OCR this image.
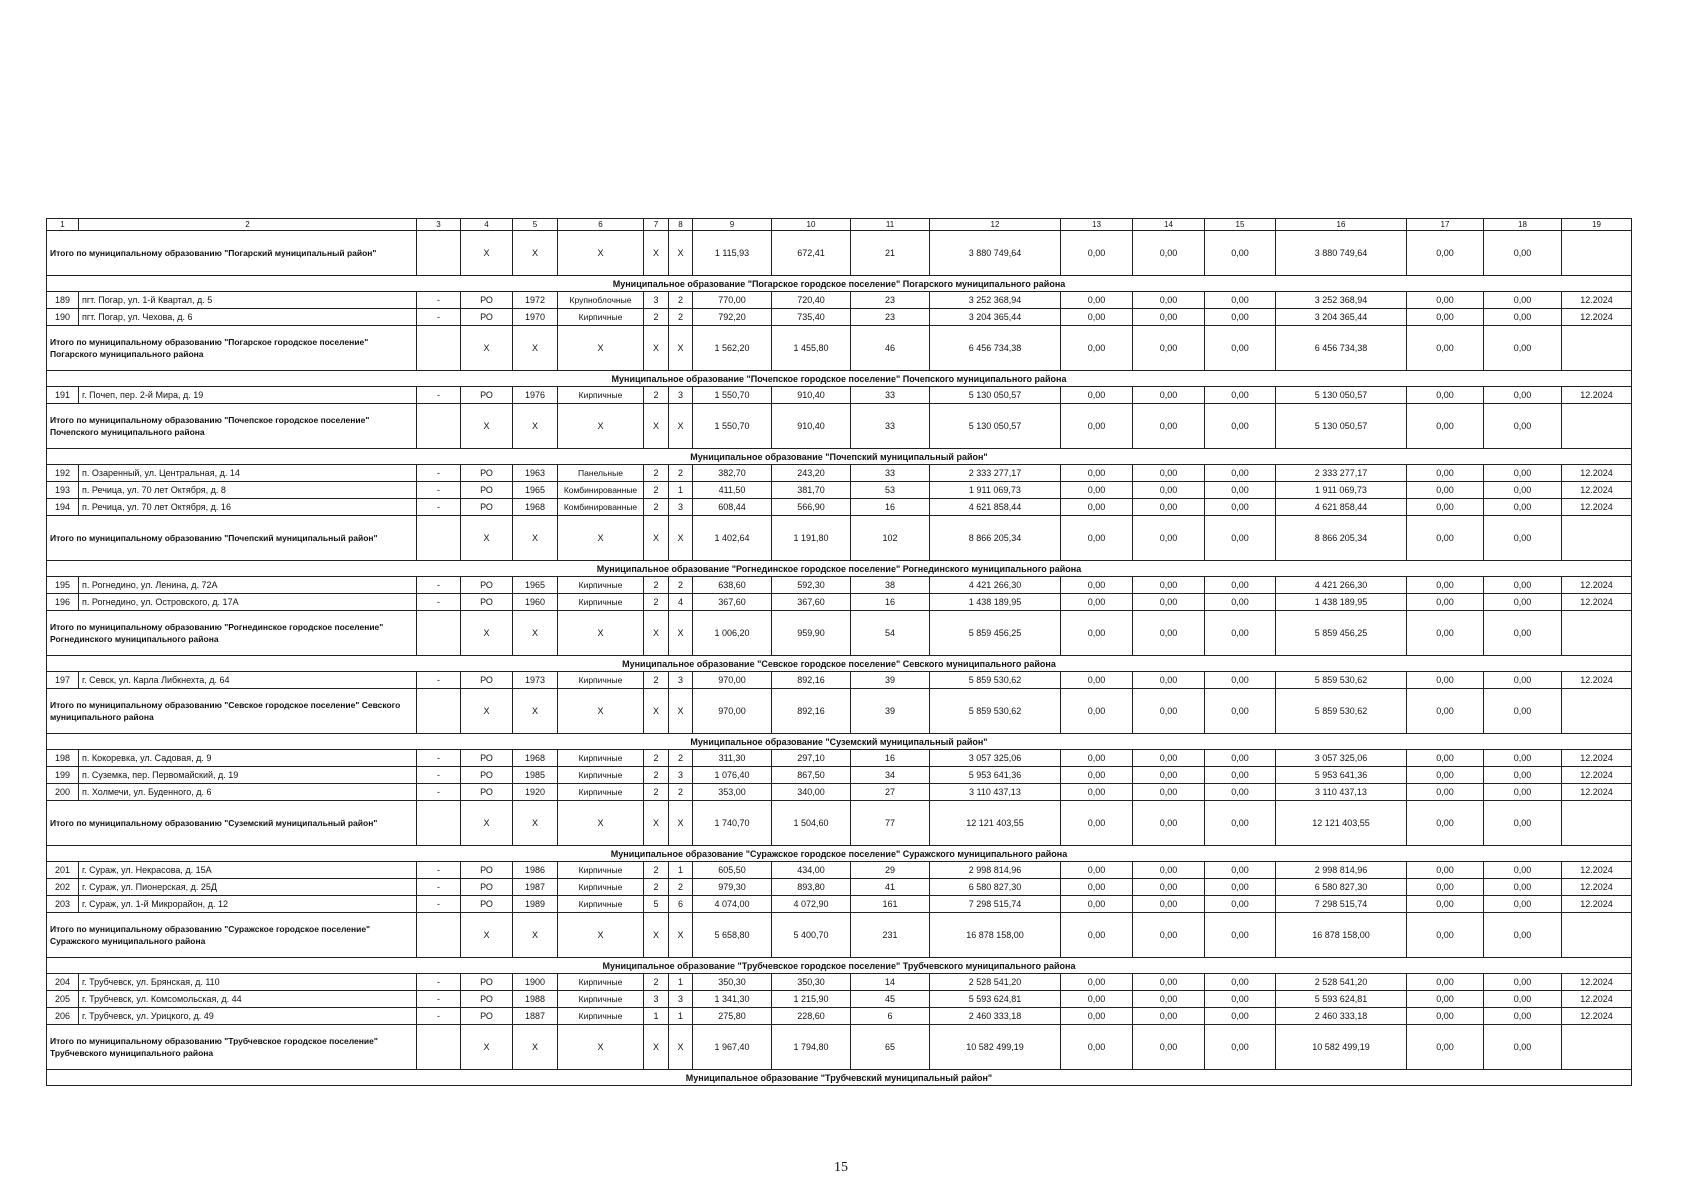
1	2	3	4	5	6	7	8	9	10	11	12	13	14	15	16	17	18	19
Итого по муниципальному образованию "Погарский муниципальный район"			X	X	X	X	X	1 115,93	672,41	21	3 880 749,64	0,00	0,00	0,00	3 880 749,64	0,00	0,00	
Муниципальное образование "Погарское городское поселение" Погарского муниципального района																		
189	пгт. Погар, ул. 1-й Квартал, д. 5	-	РО	1972	Крупноблочные	3	2	770,00	720,40	23	3 252 368,94	0,00	0,00	0,00	3 252 368,94	0,00	0,00	12.2024
190	пгт. Погар, ул. Чехова, д. 6	-	РО	1970	Кирпичные	2	2	792,20	735,40	23	3 204 365,44	0,00	0,00	0,00	3 204 365,44	0,00	0,00	12.2024
Итого по муниципальному образованию "Погарское городское поселение" Погарского муниципального района			X	X	X	X	X	1 562,20	1 455,80	46	6 456 734,38	0,00	0,00	0,00	6 456 734,38	0,00	0,00	
Муниципальное образование "Почепское городское поселение" Почепского муниципального района																		
191	г. Почеп, пер. 2-й Мира, д. 19	-	РО	1976	Кирпичные	2	3	1 550,70	910,40	33	5 130 050,57	0,00	0,00	0,00	5 130 050,57	0,00	0,00	12.2024
Итого по муниципальному образованию "Почепское городское поселение" Почепского муниципального района			X	X	X	X	X	1 550,70	910,40	33	5 130 050,57	0,00	0,00	0,00	5 130 050,57	0,00	0,00	
Муниципальное образование "Почепский муниципальный район"																		
192	п. Озаренный, ул. Центральная, д. 14	-	РО	1963	Панельные	2	2	382,70	243,20	33	2 333 277,17	0,00	0,00	0,00	2 333 277,17	0,00	0,00	12.2024
193	п. Речица, ул. 70 лет Октября, д. 8	-	РО	1965	Комбинированные	2	1	411,50	381,70	53	1 911 069,73	0,00	0,00	0,00	1 911 069,73	0,00	0,00	12.2024
194	п. Речица, ул. 70 лет Октября, д. 16	-	РО	1968	Комбинированные	2	3	608,44	566,90	16	4 621 858,44	0,00	0,00	0,00	4 621 858,44	0,00	0,00	12.2024
Итого по муниципальному образованию "Почепский муниципальный район"			X	X	X	X	X	1 402,64	1 191,80	102	8 866 205,34	0,00	0,00	0,00	8 866 205,34	0,00	0,00	
Муниципальное образование "Рогнединское городское поселение" Рогнединского муниципального района																		
195	п. Рогнедино, ул. Ленина, д. 72А	-	РО	1965	Кирпичные	2	2	638,60	592,30	38	4 421 266,30	0,00	0,00	0,00	4 421 266,30	0,00	0,00	12.2024
196	п. Рогнедино, ул. Островского, д. 17А	-	РО	1960	Кирпичные	2	4	367,60	367,60	16	1 438 189,95	0,00	0,00	0,00	1 438 189,95	0,00	0,00	12.2024
Итого по муниципальному образованию "Рогнединское городское поселение" Рогнединского муниципального района			X	X	X	X	X	1 006,20	959,90	54	5 859 456,25	0,00	0,00	0,00	5 859 456,25	0,00	0,00	
Муниципальное образование "Севское городское поселение" Севского муниципального района																		
197	г. Севск, ул. Карла Либкнехта, д. 64	-	РО	1973	Кирпичные	2	3	970,00	892,16	39	5 859 530,62	0,00	0,00	0,00	5 859 530,62	0,00	0,00	12.2024
Итого по муниципальному образованию "Севское городское поселение" Севского муниципального района			X	X	X	X	X	970,00	892,16	39	5 859 530,62	0,00	0,00	0,00	5 859 530,62	0,00	0,00	
Муниципальное образование "Суземский муниципальный район"																		
198	п. Кокоревка, ул. Садовая, д. 9	-	РО	1968	Кирпичные	2	2	311,30	297,10	16	3 057 325,06	0,00	0,00	0,00	3 057 325,06	0,00	0,00	12.2024
199	п. Суземка, пер. Первомайский, д. 19	-	РО	1985	Кирпичные	2	3	1 076,40	867,50	34	5 953 641,36	0,00	0,00	0,00	5 953 641,36	0,00	0,00	12.2024
200	п. Холмечи, ул. Буденного, д. 6	-	РО	1920	Кирпичные	2	2	353,00	340,00	27	3 110 437,13	0,00	0,00	0,00	3 110 437,13	0,00	0,00	12.2024
Итого по муниципальному образованию "Суземский муниципальный район"			X	X	X	X	X	1 740,70	1 504,60	77	12 121 403,55	0,00	0,00	0,00	12 121 403,55	0,00	0,00	
Муниципальное образование "Суражское городское поселение" Суражского муниципального района																		
201	г. Сураж, ул. Некрасова, д. 15А	-	РО	1986	Кирпичные	2	1	605,50	434,00	29	2 998 814,96	0,00	0,00	0,00	2 998 814,96	0,00	0,00	12.2024
202	г. Сураж, ул. Пионерская, д. 25Д	-	РО	1987	Кирпичные	2	2	979,30	893,80	41	6 580 827,30	0,00	0,00	0,00	6 580 827,30	0,00	0,00	12.2024
203	г. Сураж, ул. 1-й Микрорайон, д. 12	-	РО	1989	Кирпичные	5	6	4 074,00	4 072,90	161	7 298 515,74	0,00	0,00	0,00	7 298 515,74	0,00	0,00	12.2024
Итого по муниципальному образованию "Суражское городское поселение" Суражского муниципального района			X	X	X	X	X	5 658,80	5 400,70	231	16 878 158,00	0,00	0,00	0,00	16 878 158,00	0,00	0,00	
Муниципальное образование "Трубчевское городское поселение" Трубчевского муниципального района																		
204	г. Трубчевск, ул. Брянская, д. 110	-	РО	1900	Кирпичные	2	1	350,30	350,30	14	2 528 541,20	0,00	0,00	0,00	2 528 541,20	0,00	0,00	12.2024
205	г. Трубчевск, ул. Комсомольская, д. 44	-	РО	1988	Кирпичные	3	3	1 341,30	1 215,90	45	5 593 624,81	0,00	0,00	0,00	5 593 624,81	0,00	0,00	12.2024
206	г. Трубчевск, ул. Урицкого, д. 49	-	РО	1887	Кирпичные	1	1	275,80	228,60	6	2 460 333,18	0,00	0,00	0,00	2 460 333,18	0,00	0,00	12.2024
Итого по муниципальному образованию "Трубчевское городское поселение" Трубчевского муниципального района			X	X	X	X	X	1 967,40	1 794,80	65	10 582 499,19	0,00	0,00	0,00	10 582 499,19	0,00	0,00	
Муниципальное образование "Трубчевский муниципальный район"																		
15
